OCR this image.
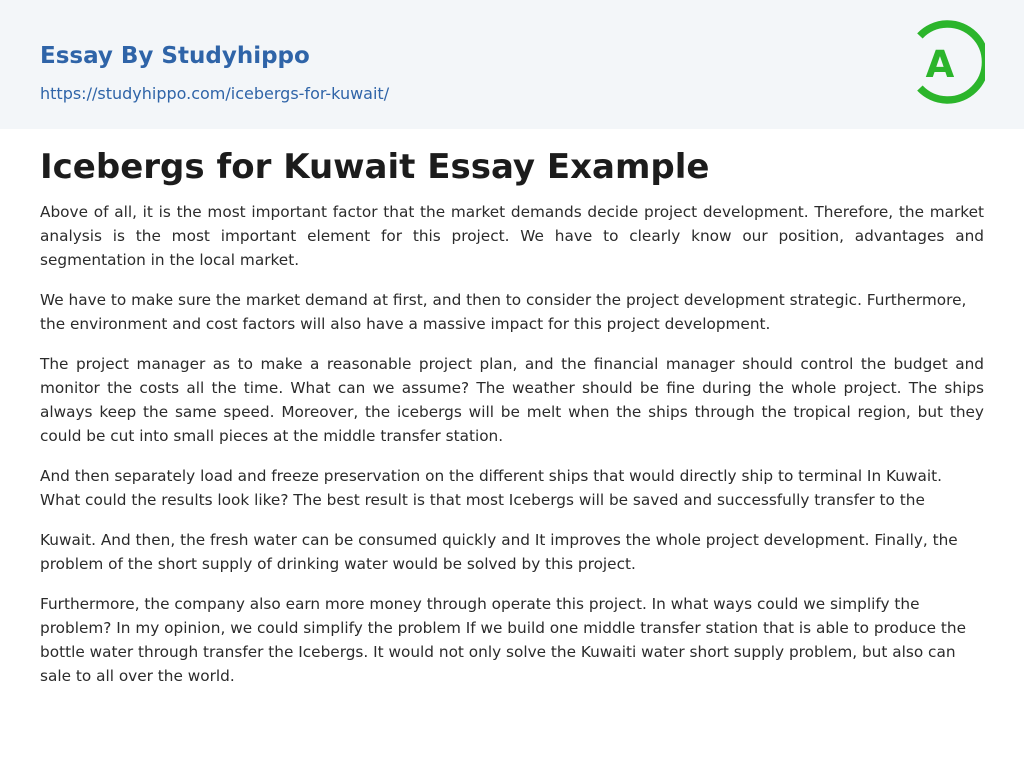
Essay By Studyhippo
https://studyhippo.com/icebergs-for-kuwait/
A
Icebergs for Kuwait Essay Example

Above of all, it is the most important factor that the market demands decide project development. Therefore, the market analysis is the most important element for this project. We have to clearly know our position, advantages and segmentation in the local market.

We have to make sure the market demand at first, and then to consider the project development strategic. Furthermore, the environment and cost factors will also have a massive impact for this project development.

The project manager as to make a reasonable project plan, and the financial manager should control the budget and monitor the costs all the time. What can we assume? The weather should be fine during the whole project. The ships always keep the same speed. Moreover, the icebergs will be melt when the ships through the tropical region, but they could be cut into small pieces at the middle transfer station.

And then separately load and freeze preservation on the different ships that would directly ship to terminal In Kuwait. What could the results look like? The best result is that most Icebergs will be saved and successfully transfer to the

Kuwait. And then, the fresh water can be consumed quickly and It improves the whole project development. Finally, the problem of the short supply of drinking water would be solved by this project.

Furthermore, the company also earn more money through operate this project. In what ways could we simplify the problem? In my opinion, we could simplify the problem If we build one middle transfer station that is able to produce the bottle water through transfer the Icebergs. It would not only solve the Kuwaiti water short supply problem, but also can sale to all over the world.
